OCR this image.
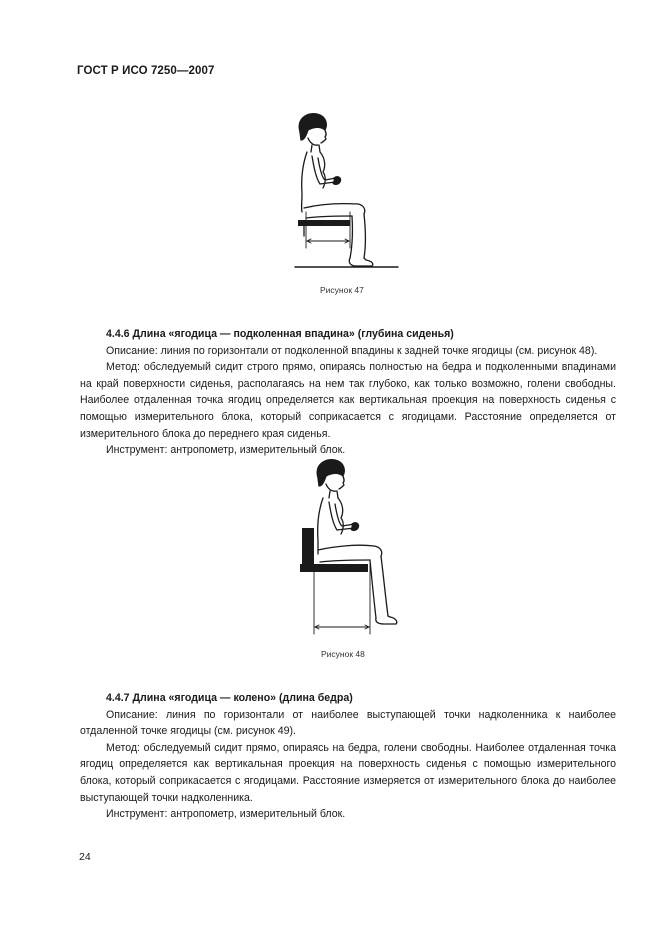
ГОСТ Р ИСО 7250—2007
Рисунок 47

4.4.6 Длина «ягодица — подколенная впадина» (глубина сиденья)

Описание: линия по горизонтали от подколенной впадины к задней точке ягодицы (см. рисунок 48).

Метод: обследуемый сидит строго прямо, опираясь полностью на бедра и подколенными впадинами на край поверхности сиденья, располагаясь на нем так глубоко, как только возможно, голени свободны. Наиболее отдаленная точка ягодиц определяется как вертикальная проекция на поверхность сиденья с помощью измерительного блока, который соприкасается с ягодицами. Расстояние определяется от измерительного блока до переднего края сиденья.

Инструмент: антропометр, измерительный блок.

Рисунок 48

4.4.7 Длина «ягодица — колено» (длина бедра)

Описание: линия по горизонтали от наиболее выступающей точки надколенника к наиболее отдаленной точке ягодицы (см. рисунок 49).

Метод: обследуемый сидит прямо, опираясь на бедра, голени свободны. Наиболее отдаленная точка ягодиц определяется как вертикальная проекция на поверхность сиденья с помощью измерительного блока, который соприкасается с ягодицами. Расстояние измеряется от измерительного блока до наиболее выступающей точки надколенника.

Инструмент: антропометр, измерительный блок.

24
